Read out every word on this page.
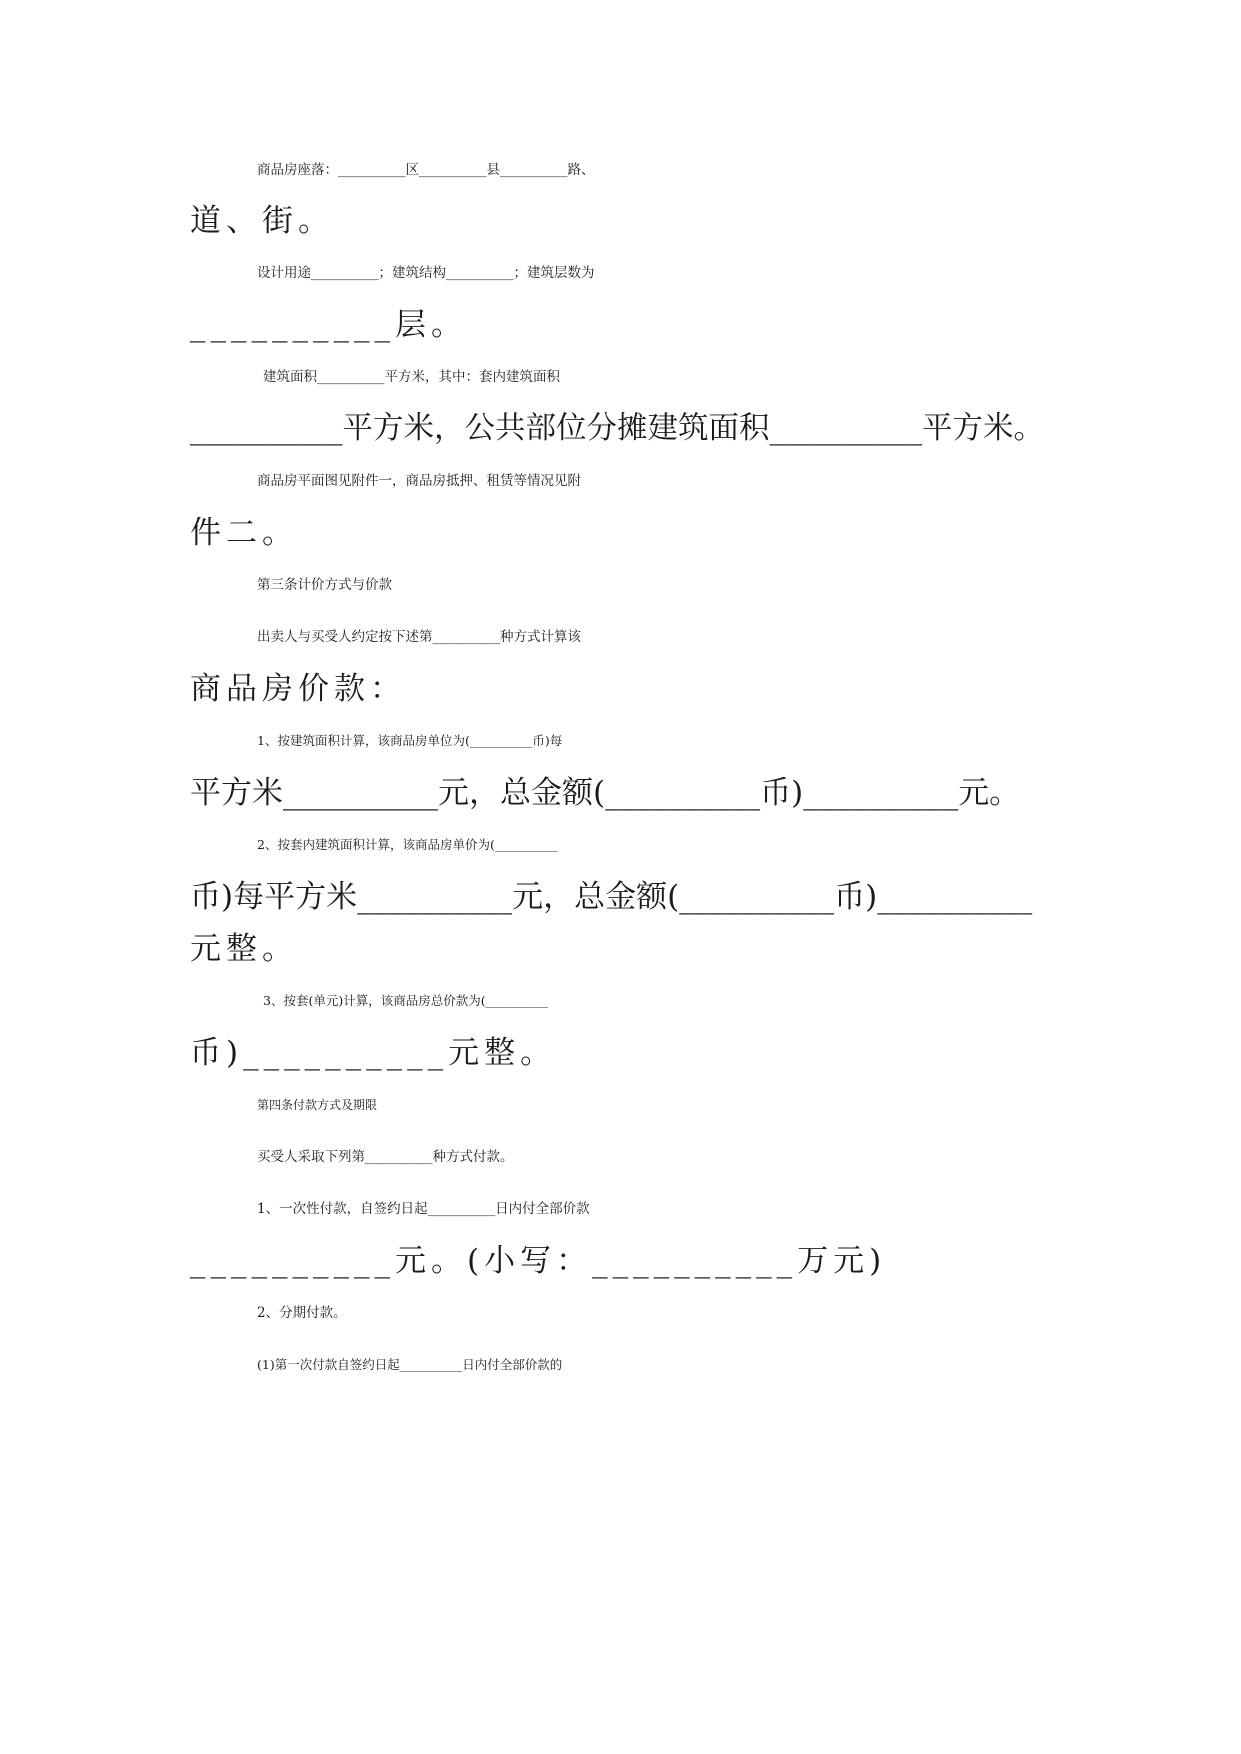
商品房座落：__________区__________县__________路、
道、街。
设计用途__________；建筑结构__________；建筑层数为
__________层。
建筑面积__________平方米，其中：套内建筑面积
__________平方米，公共部位分摊建筑面积__________平方米。
商品房平面图见附件一，商品房抵押、租赁等情况见附
件二。
第三条计价方式与价款
出卖人与买受人约定按下述第__________种方式计算该
商品房价款：
1、按建筑面积计算，该商品房单位为(__________币)每
平方米__________元，总金额(__________币)__________元。
2、按套内建筑面积计算，该商品房单价为(__________
币)每平方米__________元，总金额(__________币)__________
元整。
3、按套(单元)计算，该商品房总价款为(__________
币)__________元整。
第四条付款方式及期限
买受人采取下列第__________种方式付款。
1、一次性付款，自签约日起__________日内付全部价款
__________元。(小写：__________万元)
2、分期付款。
(1)第一次付款自签约日起__________日内付全部价款的
